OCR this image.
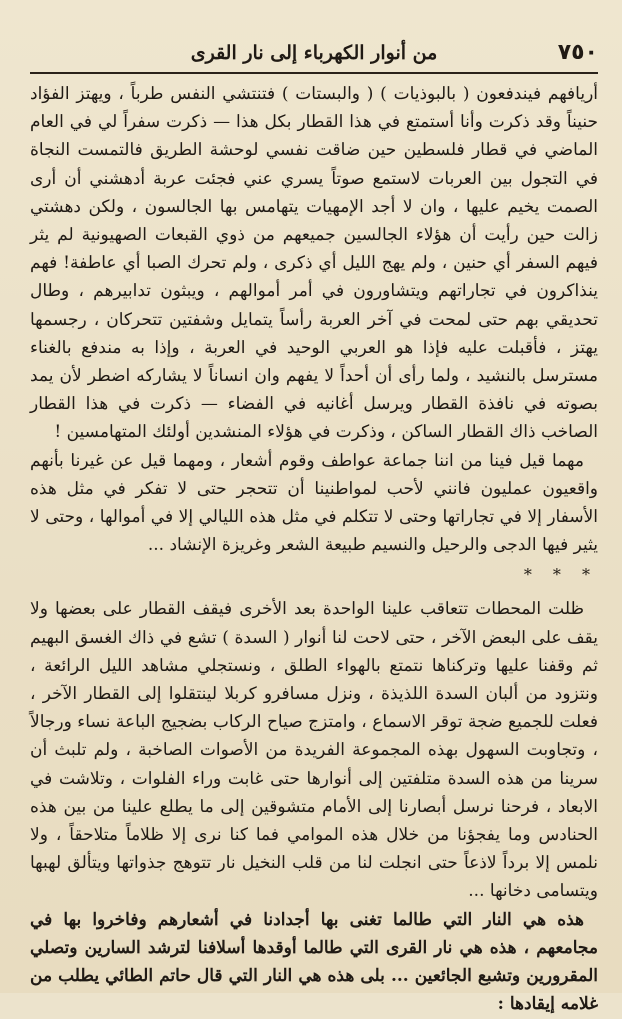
٧٥٠
من أنوار الكهرباء إلى نار القرى

أريافهم فيندفعون ( بالبوذيات ) ( والبستات ) فتنتشي النفس طرباً ، ويهتز الفؤاد حنيناً وقد ذكرت وأنا أستمتع في هذا القطار بكل هذا — ذكرت سفراً لي في العام الماضي في قطار فلسطين حين ضاقت نفسي لوحشة الطريق فالتمست النجاة في التجول بين العربات لاستمع صوتاً يسري عني فجئت عربة أدهشني أن أرى الصمت يخيم عليها ، وان لا أجد الإمهيات يتهامس بها الجالسون ، ولكن دهشتي زالت حين رأيت أن هؤلاء الجالسين جميعهم من ذوي القبعات الصهيونية لم يثر فيهم السفر أي حنين ، ولم يهج الليل أي ذكرى ، ولم تحرك الصبا أي عاطفة! فهم ينذاكرون في تجاراتهم ويتشاورون في أمر أموالهم ، ويبثون تدابيرهم ، وطال تحديقي بهم حتى لمحت في آخر العربة رأساً يتمايل وشفتين تتحركان ، رجسمها يهتز ، فأقبلت عليه فإذا هو العربي الوحيد في العربة ، وإذا به مندفع بالغناء مسترسل بالنشيد ، ولما رأى أن أحداً لا يفهم وان انساناً لا يشاركه اضطر لأن يمد بصوته في نافذة القطار ويرسل أغانيه في الفضاء — ذكرت في هذا القطار الصاخب ذاك القطار الساكن ، وذكرت في هؤلاء المنشدين أولئك المتهامسين !

مهما قيل فينا من اننا جماعة عواطف وقوم أشعار ، ومهما قيل عن غيرنا بأنهم واقعيون عمليون فانني لأحب لمواطنينا أن تتحجر حتى لا تفكر في مثل هذه الأسفار إلا في تجاراتها وحتى لا تتكلم في مثل هذه الليالي إلا في أموالها ، وحتى لا يثير فيها الدجى والرحيل والنسيم طبيعة الشعر وغريزة الإنشاد ...

* * *

ظلت المحطات تتعاقب علينا الواحدة بعد الأخرى فيقف القطار على بعضها ولا يقف على البعض الآخر ، حتى لاحت لنا أنوار ( السدة ) تشع في ذاك الغسق البهيم ثم وقفنا عليها وتركناها نتمتع بالهواء الطلق ، ونستجلي مشاهد الليل الرائعة ، ونتزود من ألبان السدة اللذيذة ، ونزل مسافرو كربلا لينتقلوا إلى القطار الآخر ، فعلت للجميع ضجة توقر الاسماع ، وامتزج صياح الركاب بضجيج الباعة نساء ورجالاً ، وتجاوبت السهول بهذه المجموعة الفريدة من الأصوات الصاخبة ، ولم تلبث أن سرينا من هذه السدة متلفتين إلى أنوارها حتى غابت وراء الفلوات ، وتلاشت في الابعاد ، فرحنا نرسل أبصارنا إلى الأمام متشوقين إلى ما يطلع علينا من بين هذه الحنادس وما يفجؤنا من خلال هذه الموامي فما كنا نرى إلا ظلاماً متلاحقاً ، ولا نلمس إلا برداً لاذعاً حتى انجلت لنا من قلب النخيل نار تتوهج جذواتها ويتألق لهبها ويتسامى دخانها ...

هذه هي النار التي طالما تغنى بها أجدادنا في أشعارهم وفاخروا بها في مجامعهم ، هذه هي نار القرى التي طالما أوقدها أسلافنا لترشد السارين وتصلي المقرورين وتشبع الجائعين ... بلى هذه هي النار التي قال حاتم الطائي يطلب من غلامه إيقادها :
